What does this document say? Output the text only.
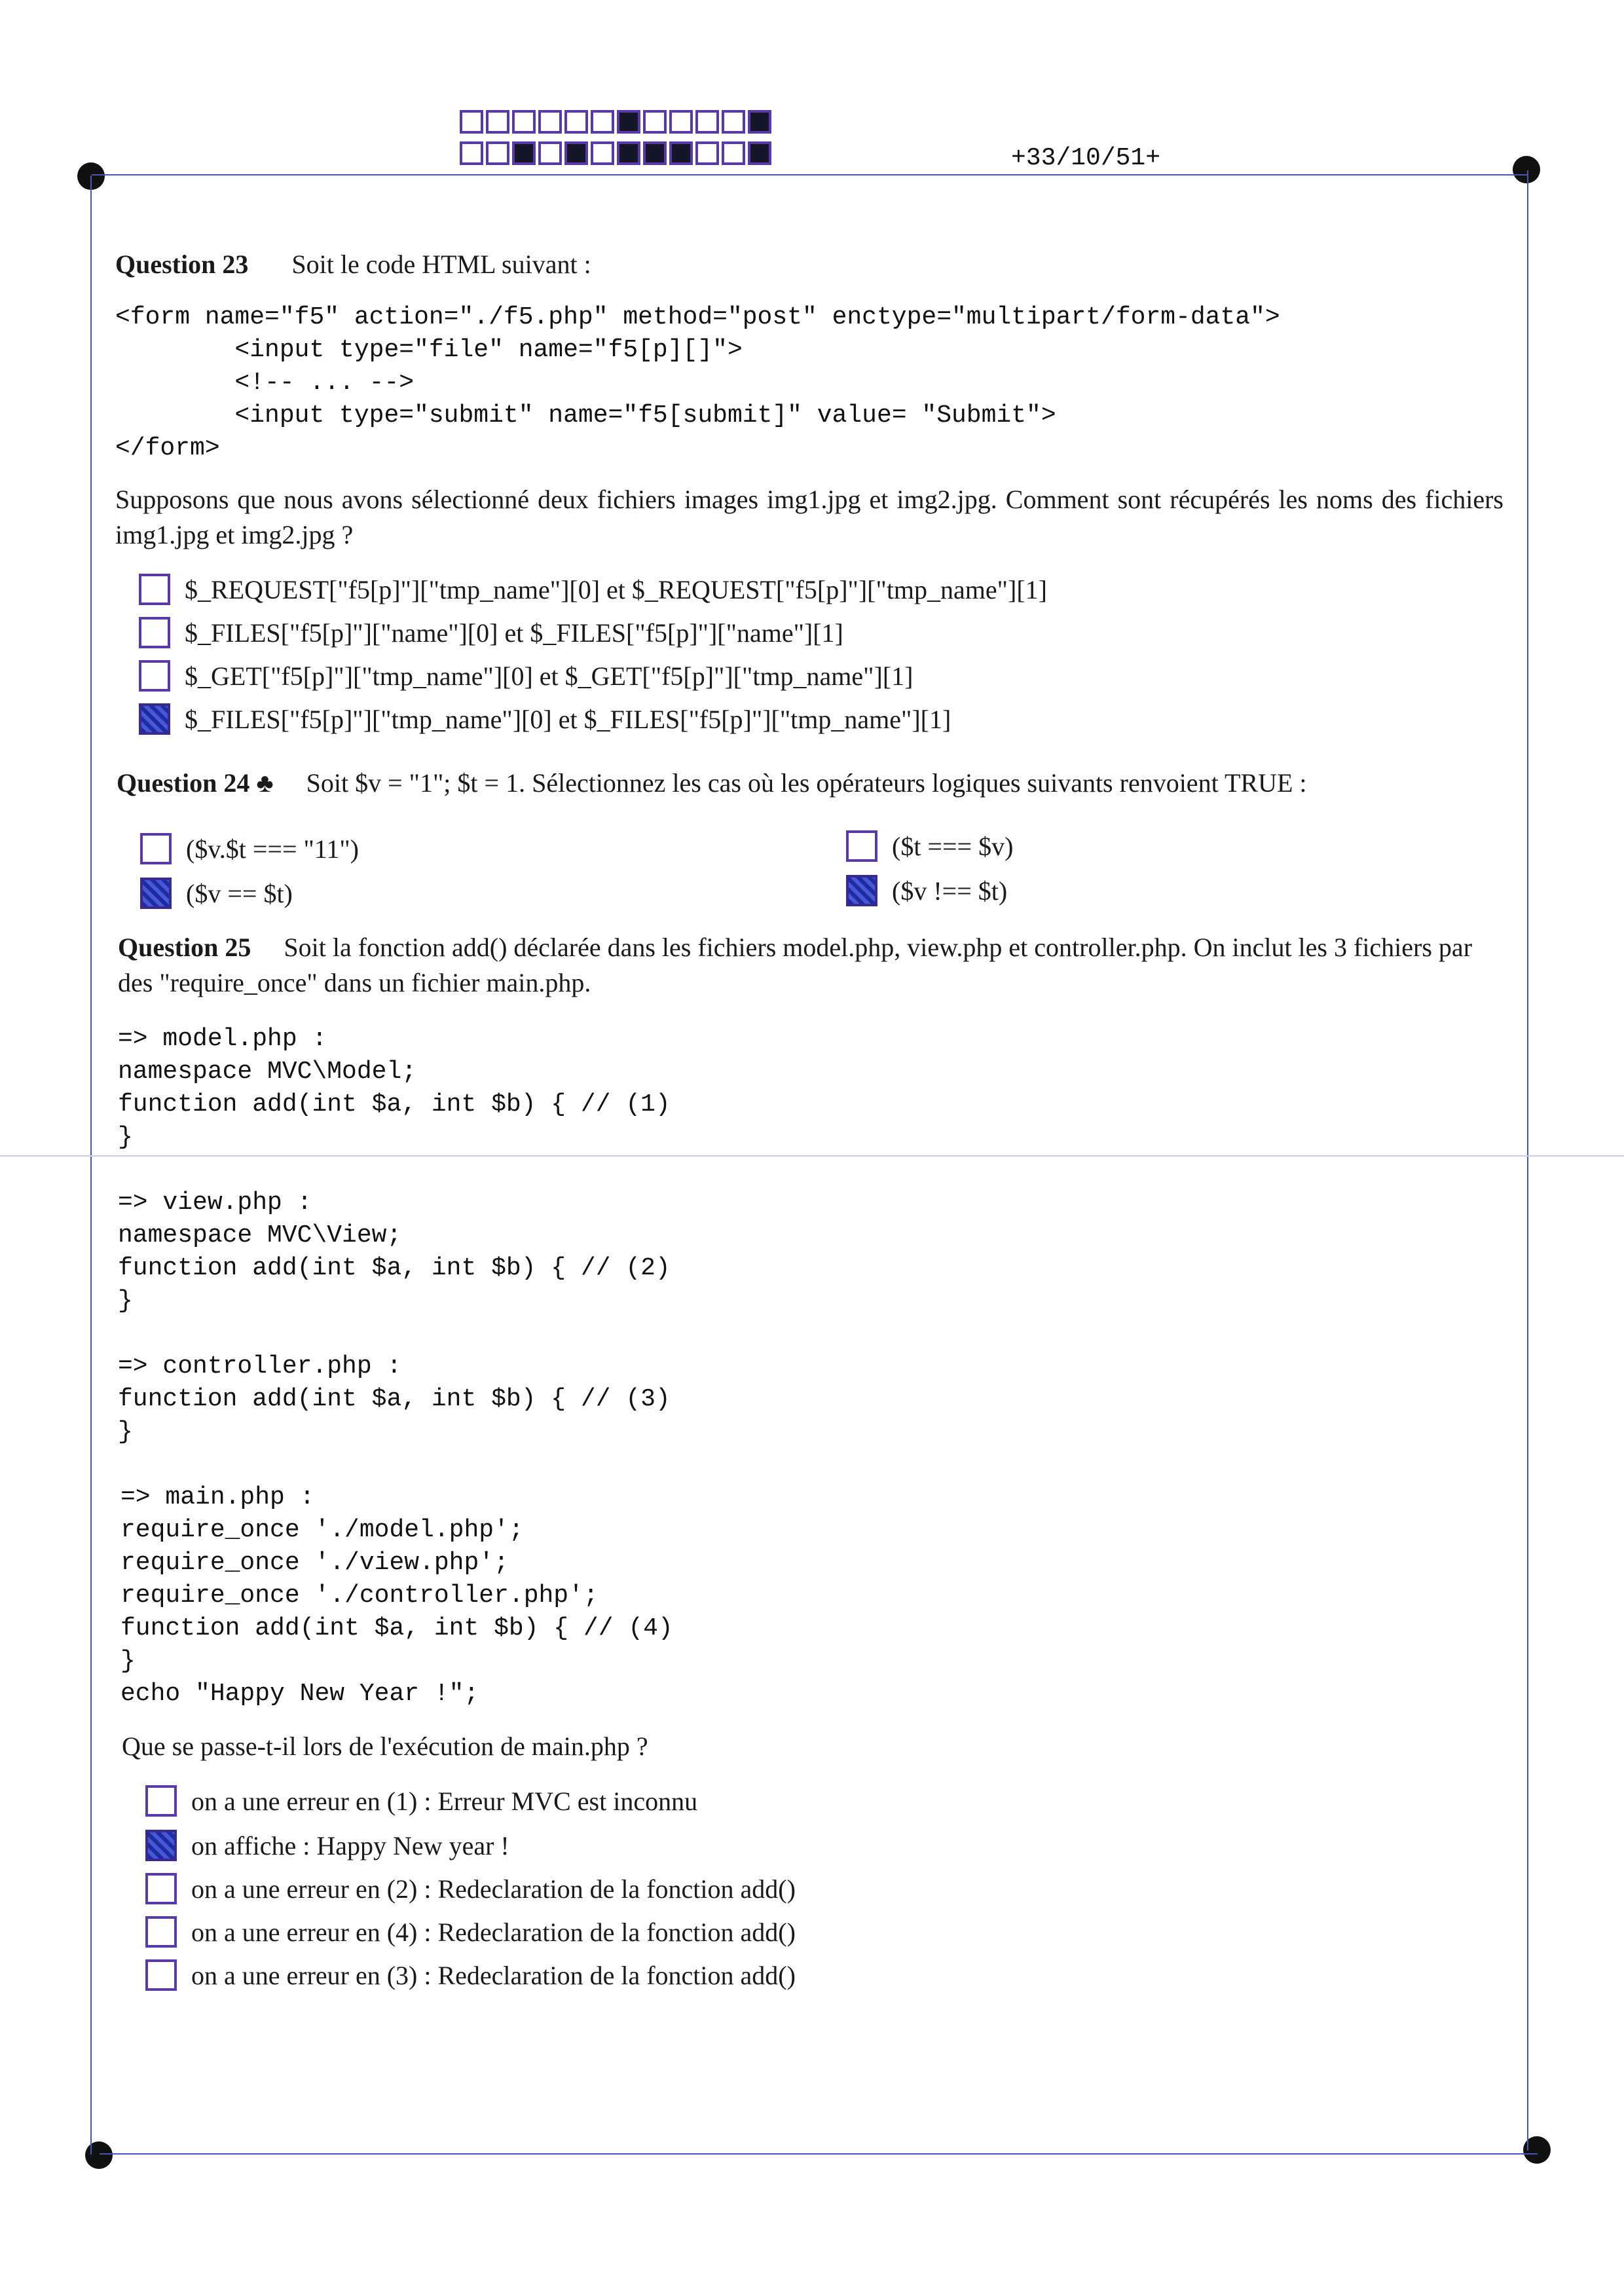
+33/10/51+
Question 23 Soit le code HTML suivant :
<form name="f5" action="./f5.php" method="post" enctype="multipart/form-data">
<input type="file" name="f5[p][]">
<!-- ... -->
<input type="submit" name="f5[submit]" value= "Submit">
</form>
Supposons que nous avons sélectionné deux fichiers images img1.jpg et img2.jpg. Comment sont récupérés les noms des fichiers img1.jpg et img2.jpg ?
$_REQUEST["f5[p]"]["tmp_name"][0] et $_REQUEST["f5[p]"]["tmp_name"][1]
$_FILES["f5[p]"]["name"][0] et $_FILES["f5[p]"]["name"][1]
$_GET["f5[p]"]["tmp_name"][0] et $_GET["f5[p]"]["tmp_name"][1]
$_FILES["f5[p]"]["tmp_name"][0] et $_FILES["f5[p]"]["tmp_name"][1]
Question 24 ♣ Soit $v = "1"; $t = 1. Sélectionnez les cas où les opérateurs logiques suivants renvoient TRUE :
($v.$t === "11")	($t === $v)
($v == $t)	($v !== $t)
Question 25 Soit la fonction add() déclarée dans les fichiers model.php, view.php et controller.php. On inclut les 3 fichiers par des "require_once" dans un fichier main.php.
=> model.php :
namespace MVC\Model;
function add(int $a, int $b) { // (1)
}
=> view.php :
namespace MVC\View;
function add(int $a, int $b) { // (2)
}
=> controller.php :
function add(int $a, int $b) { // (3)
}
=> main.php :
require_once './model.php';
require_once './view.php';
require_once './controller.php';
function add(int $a, int $b) { // (4)
}
echo "Happy New Year !";
Que se passe-t-il lors de l'exécution de main.php ?
on a une erreur en (1) : Erreur MVC est inconnu
on affiche : Happy New year !
on a une erreur en (2) : Redeclaration de la fonction add()
on a une erreur en (4) : Redeclaration de la fonction add()
on a une erreur en (3) : Redeclaration de la fonction add()
